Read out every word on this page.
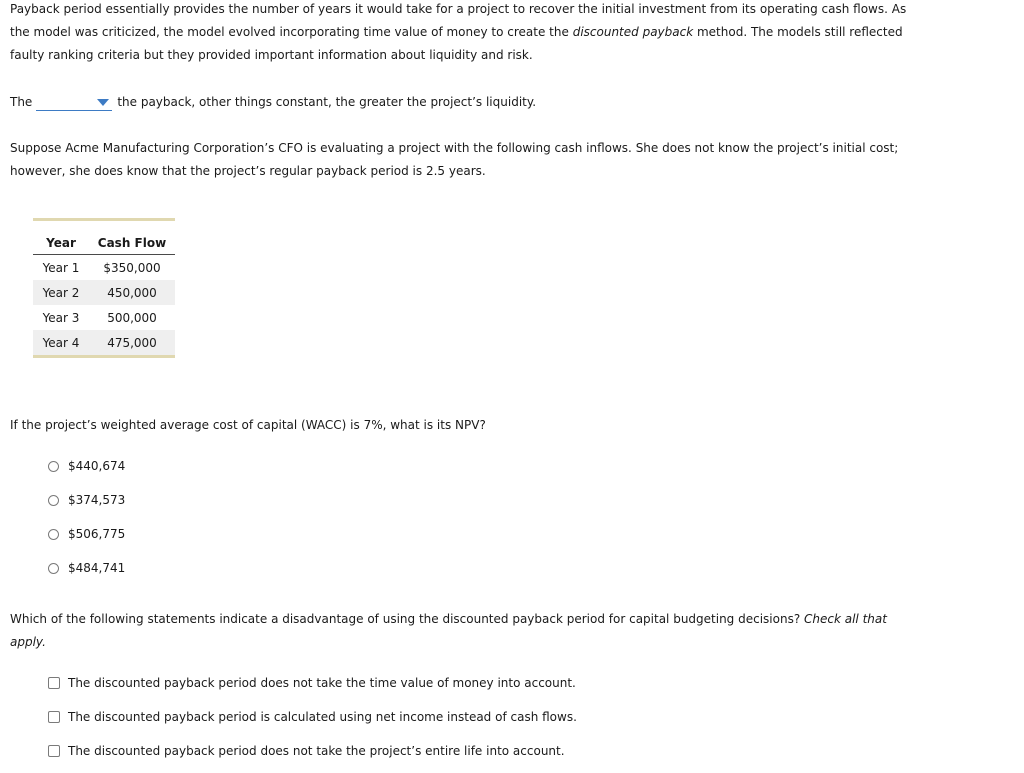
Payback period essentially provides the number of years it would take for a project to recover the initial investment from its operating cash flows. As
the model was criticized, the model evolved incorporating time value of money to create the discounted payback method. The models still reflected
faulty ranking criteria but they provided important information about liquidity and risk.
The	the payback, other things constant, the greater the project’s liquidity.
Suppose Acme Manufacturing Corporation’s CFO is evaluating a project with the following cash inflows. She does not know the project’s initial cost;
however, she does know that the project’s regular payback period is 2.5 years.
Year	Cash Flow
Year 1	$350,000
Year 2	450,000
Year 3	500,000
Year 4	475,000
If the project’s weighted average cost of capital (WACC) is 7%, what is its NPV?
$440,674
$374,573
$506,775
$484,741
Which of the following statements indicate a disadvantage of using the discounted payback period for capital budgeting decisions? Check all that
apply.
The discounted payback period does not take the time value of money into account.
The discounted payback period is calculated using net income instead of cash flows.
The discounted payback period does not take the project’s entire life into account.
